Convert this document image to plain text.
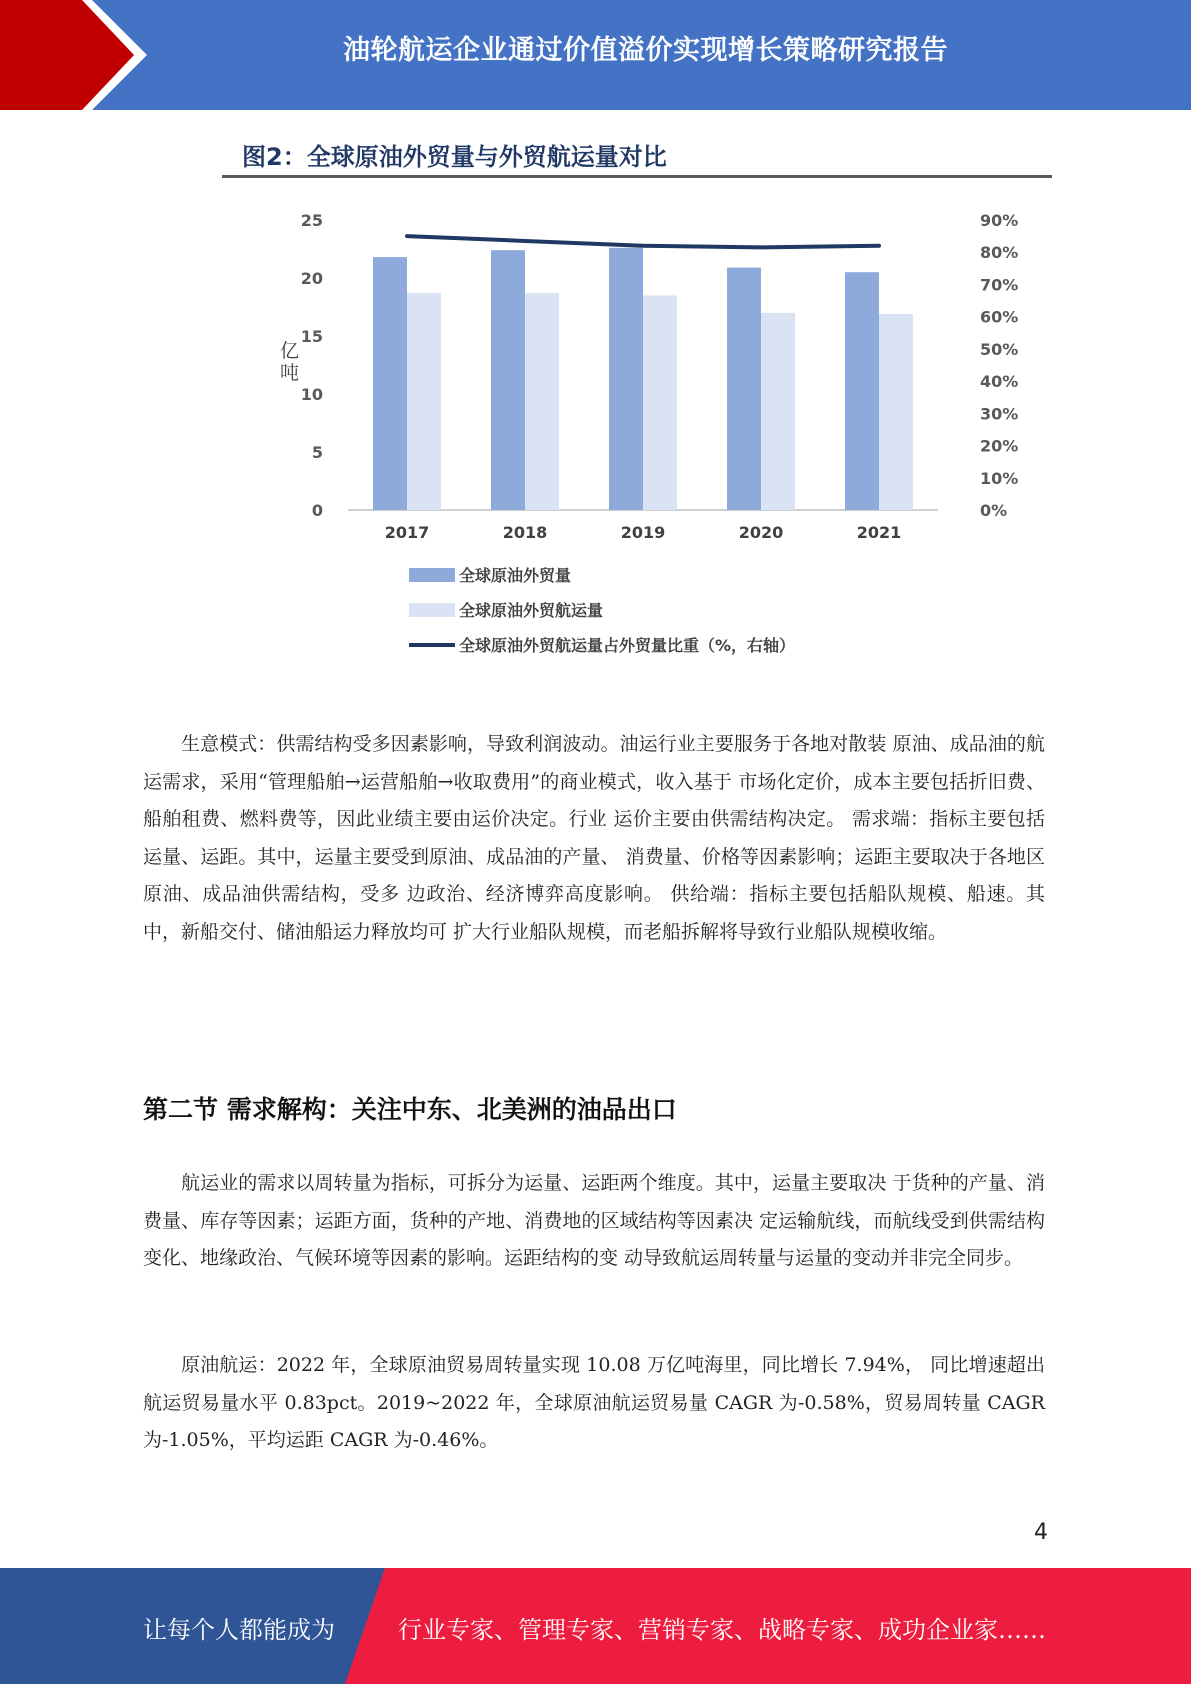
油轮航运企业通过价值溢价实现增长策略研究报告
图2：全球原油外贸量与外贸航运量对比
0
5
10
15
20
25
0%
10%
20%
30%
40%
50%
60%
70%
80%
90%
亿吨
2017	2018	2019	2020	2021
全球原油外贸量
全球原油外贸航运量
全球原油外贸航运量占外贸量比重（%，右轴）
生意模式：供需结构受多因素影响，导致利润波动。油运行业主要服务于各地对散装 原油、成品油的航运需求，采用“管理船舶→运营船舶→收取费用”的商业模式，收入基于 市场化定价，成本主要包括折旧费、船舶租费、燃料费等，因此业绩主要由运价决定。行业 运价主要由供需结构决定。 需求端：指标主要包括运量、运距。其中，运量主要受到原油、成品油的产量、 消费量、价格等因素影响；运距主要取决于各地区原油、成品油供需结构，受多 边政治、经济博弈高度影响。 供给端：指标主要包括船队规模、船速。其中，新船交付、储油船运力释放均可 扩大行业船队规模，而老船拆解将导致行业船队规模收缩。
第二节 需求解构：关注中东、北美洲的油品出口
航运业的需求以周转量为指标，可拆分为运量、运距两个维度。其中，运量主要取决 于货种的产量、消费量、库存等因素；运距方面，货种的产地、消费地的区域结构等因素决 定运输航线，而航线受到供需结构变化、地缘政治、气候环境等因素的影响。运距结构的变 动导致航运周转量与运量的变动并非完全同步。
原油航运：2022 年，全球原油贸易周转量实现 10.08 万亿吨海里，同比增长 7.94%， 同比增速超出航运贸易量水平 0.83pct。2019~2022 年，全球原油航运贸易量 CAGR 为-0.58%，贸易周转量 CAGR 为-1.05%，平均运距 CAGR 为-0.46%。
4
让每个人都能成为	行业专家、管理专家、营销专家、战略专家、成功企业家……
